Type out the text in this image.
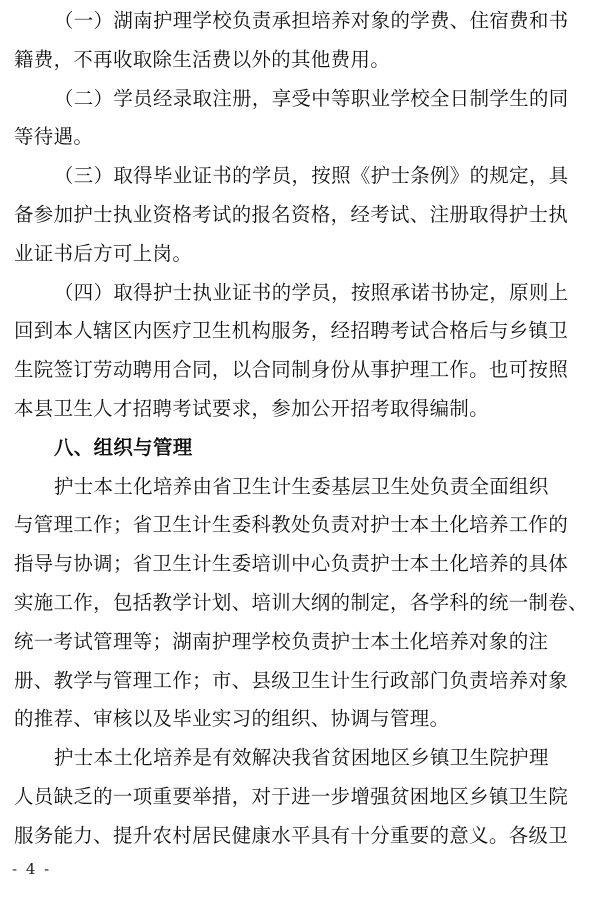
（一）湖南护理学校负责承担培养对象的学费、住宿费和书
籍费，不再收取除生活费以外的其他费用。
（二）学员经录取注册，享受中等职业学校全日制学生的同
等待遇。
（三）取得毕业证书的学员，按照《护士条例》的规定，具
备参加护士执业资格考试的报名资格，经考试、注册取得护士执
业证书后方可上岗。
（四）取得护士执业证书的学员，按照承诺书协定，原则上
回到本人辖区内医疗卫生机构服务，经招聘考试合格后与乡镇卫
生院签订劳动聘用合同，以合同制身份从事护理工作。也可按照
本县卫生人才招聘考试要求，参加公开招考取得编制。
八、组织与管理
护士本土化培养由省卫生计生委基层卫生处负责全面组织
与管理工作；省卫生计生委科教处负责对护士本土化培养工作的
指导与协调；省卫生计生委培训中心负责护士本土化培养的具体
实施工作，包括教学计划、培训大纲的制定，各学科的统一制卷、
统一考试管理等；湖南护理学校负责护士本土化培养对象的注
册、教学与管理工作；市、县级卫生计生行政部门负责培养对象
的推荐、审核以及毕业实习的组织、协调与管理。
护士本土化培养是有效解决我省贫困地区乡镇卫生院护理
人员缺乏的一项重要举措，对于进一步增强贫困地区乡镇卫生院
服务能力、提升农村居民健康水平具有十分重要的意义。各级卫
- 4 -
